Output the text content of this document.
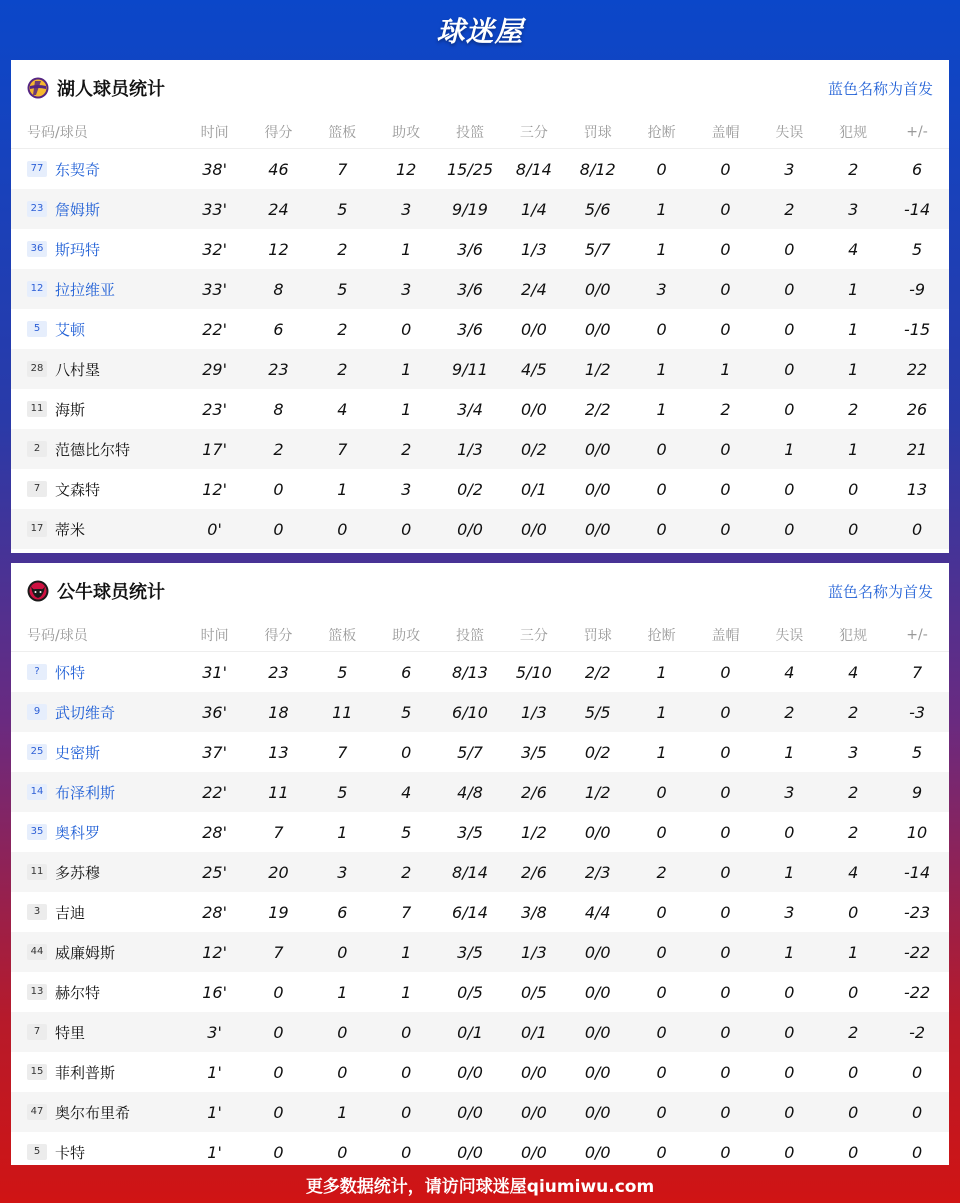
球迷屋
湖人球员统计	蓝色名称为首发
号码/球员	时间	得分	篮板	助攻	投篮	三分	罚球	抢断	盖帽	失误	犯规	+/-
77 东契奇	38'	46	7	12	15/25	8/14	8/12	0	0	3	2	6
23 詹姆斯	33'	24	5	3	9/19	1/4	5/6	1	0	2	3	-14
36 斯玛特	32'	12	2	1	3/6	1/3	5/7	1	0	0	4	5
12 拉拉维亚	33'	8	5	3	3/6	2/4	0/0	3	0	0	1	-9
5 艾顿	22'	6	2	0	3/6	0/0	0/0	0	0	0	1	-15
28 八村塁	29'	23	2	1	9/11	4/5	1/2	1	1	0	1	22
11 海斯	23'	8	4	1	3/4	0/0	2/2	1	2	0	2	26
2 范德比尔特	17'	2	7	2	1/3	0/2	0/0	0	0	1	1	21
7 文森特	12'	0	1	3	0/2	0/1	0/0	0	0	0	0	13
17 蒂米	0'	0	0	0	0/0	0/0	0/0	0	0	0	0	0
公牛球员统计	蓝色名称为首发
号码/球员	时间	得分	篮板	助攻	投篮	三分	罚球	抢断	盖帽	失误	犯规	+/-
? 怀特	31'	23	5	6	8/13	5/10	2/2	1	0	4	4	7
9 武切维奇	36'	18	11	5	6/10	1/3	5/5	1	0	2	2	-3
25 史密斯	37'	13	7	0	5/7	3/5	0/2	1	0	1	3	5
14 布泽利斯	22'	11	5	4	4/8	2/6	1/2	0	0	3	2	9
35 奥科罗	28'	7	1	5	3/5	1/2	0/0	0	0	0	2	10
11 多苏穆	25'	20	3	2	8/14	2/6	2/3	2	0	1	4	-14
3 吉迪	28'	19	6	7	6/14	3/8	4/4	0	0	3	0	-23
44 威廉姆斯	12'	7	0	1	3/5	1/3	0/0	0	0	1	1	-22
13 赫尔特	16'	0	1	1	0/5	0/5	0/0	0	0	0	0	-22
7 特里	3'	0	0	0	0/1	0/1	0/0	0	0	0	2	-2
15 菲利普斯	1'	0	0	0	0/0	0/0	0/0	0	0	0	0	0
47 奥尔布里希	1'	0	1	0	0/0	0/0	0/0	0	0	0	0	0
5 卡特	1'	0	0	0	0/0	0/0	0/0	0	0	0	0	0
更多数据统计，请访问球迷屋qiumiwu.com
